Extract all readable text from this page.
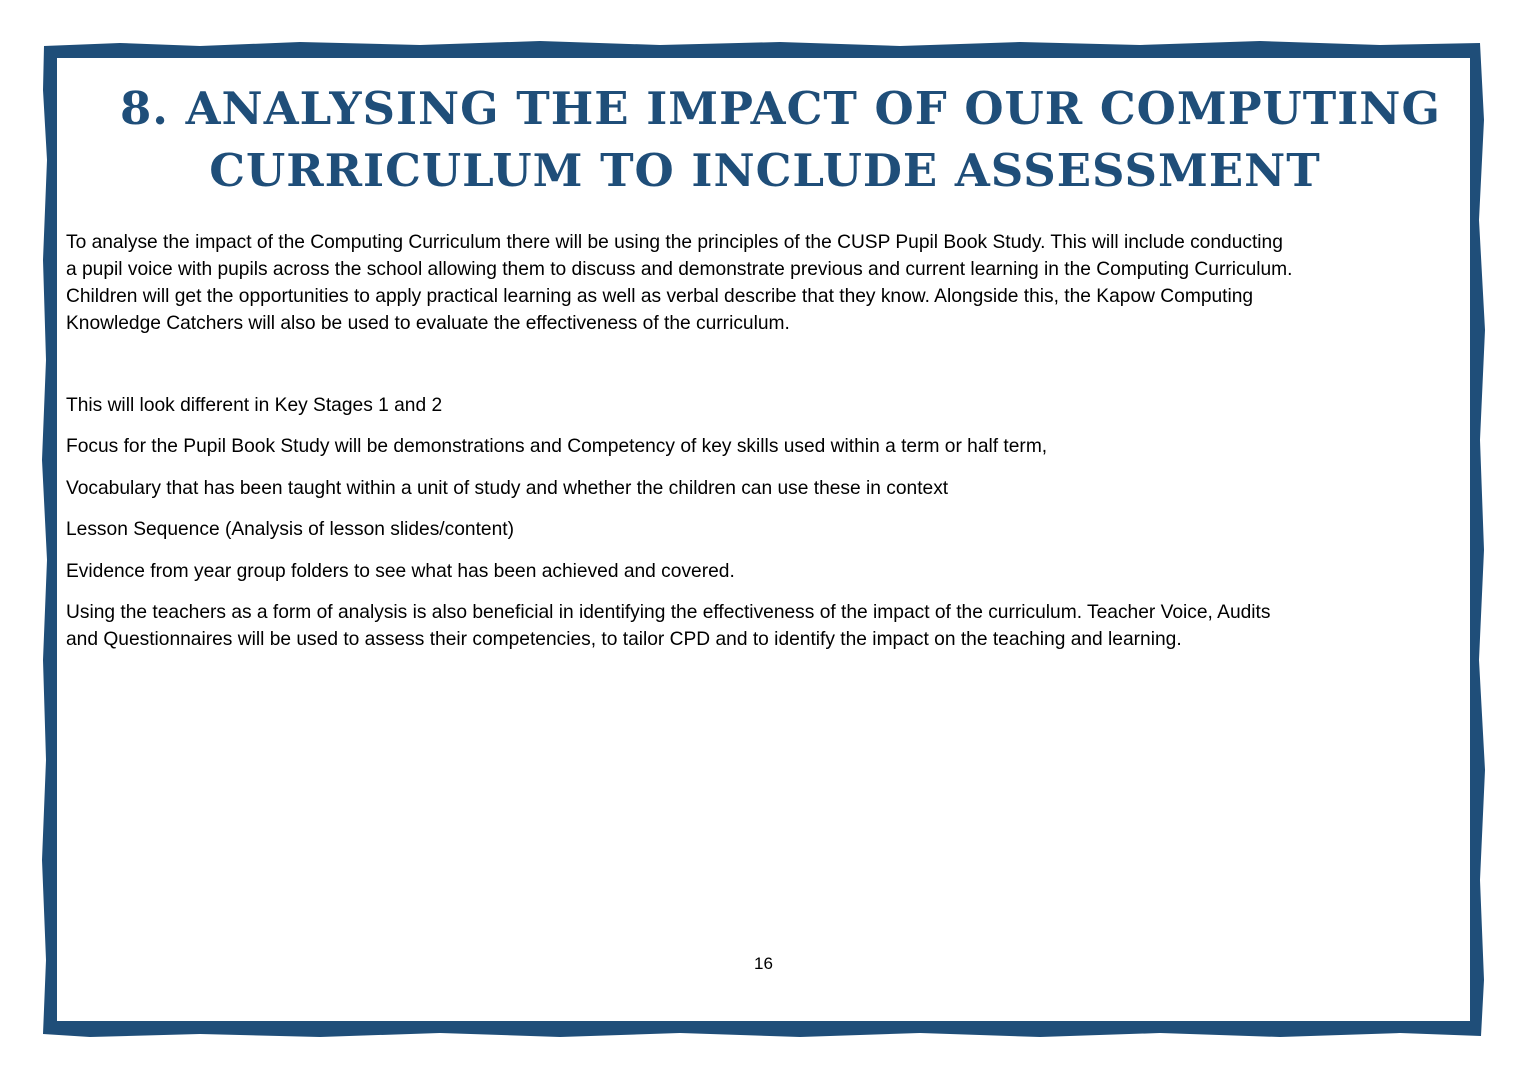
8. ANALYSING THE IMPACT OF OUR COMPUTING
CURRICULUM TO INCLUDE ASSESSMENT

To analyse the impact of the Computing Curriculum there will be using the principles of the CUSP Pupil Book Study. This will include conducting
a pupil voice with pupils across the school allowing them to discuss and demonstrate previous and current learning in the Computing Curriculum.
Children will get the opportunities to apply practical learning as well as verbal describe that they know. Alongside this, the Kapow Computing
Knowledge Catchers will also be used to evaluate the effectiveness of the curriculum.

This will look different in Key Stages 1 and 2

Focus for the Pupil Book Study will be demonstrations and Competency of key skills used within a term or half term,

Vocabulary that has been taught within a unit of study and whether the children can use these in context

Lesson Sequence (Analysis of lesson slides/content)

Evidence from year group folders to see what has been achieved and covered.

Using the teachers as a form of analysis is also beneficial in identifying the effectiveness of the impact of the curriculum. Teacher Voice, Audits
and Questionnaires will be used to assess their competencies, to tailor CPD and to identify the impact on the teaching and learning.
16
